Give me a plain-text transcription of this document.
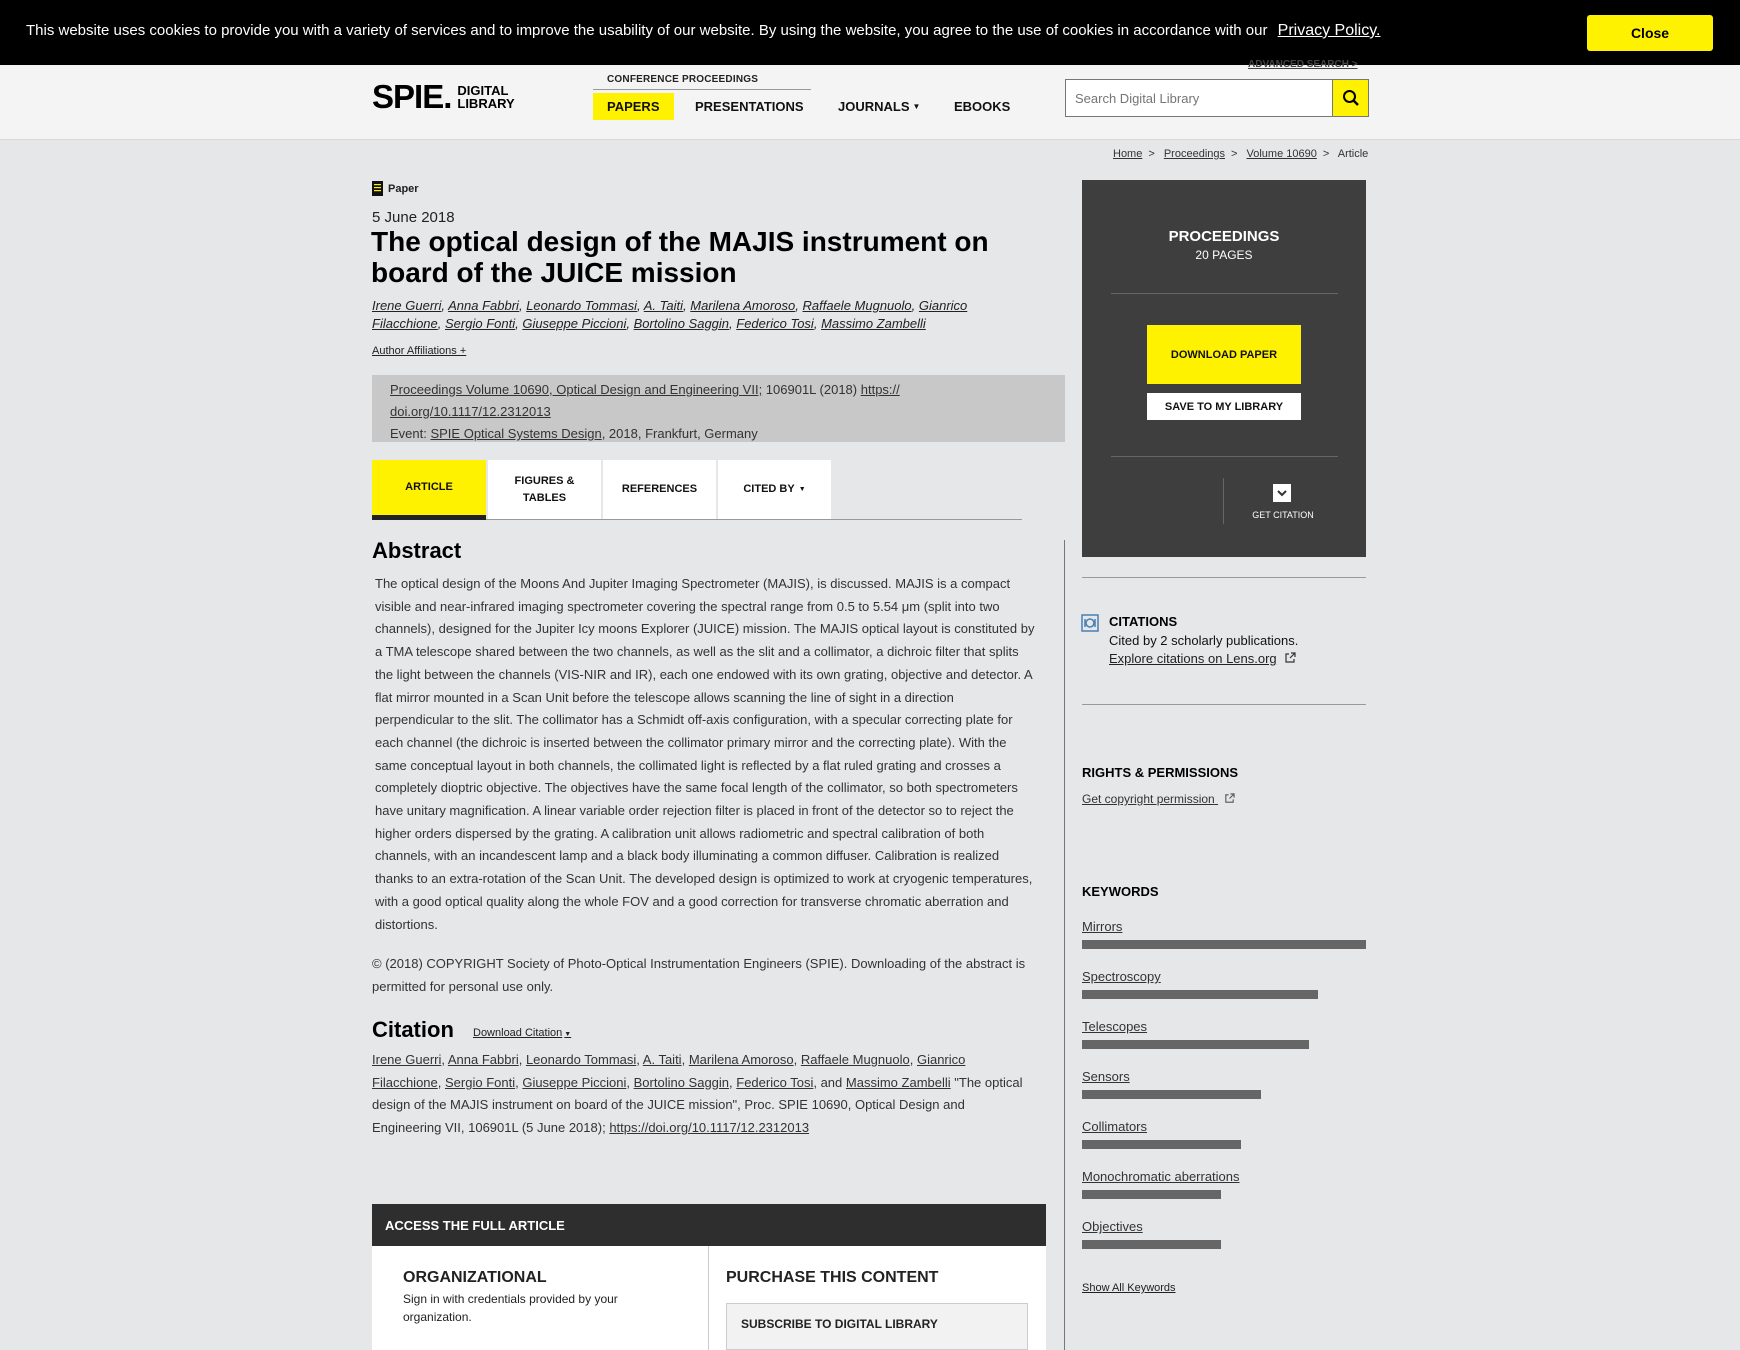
This website uses cookies to provide you with a variety of services and to improve the usability of our website. By using the website, you agree to the use of cookies in accordance with our Privacy Policy.	Close
SPIE. DIGITAL
LIBRARY
CONFERENCE PROCEEDINGS
PAPERS	PRESENTATIONS	JOURNALS ▼	EBOOKS
ADVANCED SEARCH >
Search Digital Library
Home > Proceedings > Volume 10690 > Article
Paper
5 June 2018
The optical design of the MAJIS instrument on board of the JUICE mission
Irene Guerri, Anna Fabbri, Leonardo Tommasi, A. Taiti, Marilena Amoroso, Raffaele Mugnuolo, Gianrico Filacchione, Sergio Fonti, Giuseppe Piccioni, Bortolino Saggin, Federico Tosi, Massimo Zambelli
Author Affiliations +
Proceedings Volume 10690, Optical Design and Engineering VII; 106901L (2018) https://
doi.org/10.1117/12.2312013
Event: SPIE Optical Systems Design, 2018, Frankfurt, Germany
ARTICLE
FIGURES &
TABLES
REFERENCES	CITED BY ▼
Abstract
The optical design of the Moons And Jupiter Imaging Spectrometer (MAJIS), is discussed. MAJIS is a compact visible and near-infrared imaging spectrometer covering the spectral range from 0.5 to 5.54 μm (split into two channels), designed for the Jupiter Icy moons Explorer (JUICE) mission. The MAJIS optical layout is constituted by a TMA telescope shared between the two channels, as well as the slit and a collimator, a dichroic filter that splits the light between the channels (VIS-NIR and IR), each one endowed with its own grating, objective and detector. A flat mirror mounted in a Scan Unit before the telescope allows scanning the line of sight in a direction perpendicular to the slit. The collimator has a Schmidt off-axis configuration, with a specular correcting plate for each channel (the dichroic is inserted between the collimator primary mirror and the correcting plate). With the same conceptual layout in both channels, the collimated light is reflected by a flat ruled grating and crosses a completely dioptric objective. The objectives have the same focal length of the collimator, so both spectrometers have unitary magnification. A linear variable order rejection filter is placed in front of the detector so to reject the higher orders dispersed by the grating. A calibration unit allows radiometric and spectral calibration of both channels, with an incandescent lamp and a black body illuminating a common diffuser. Calibration is realized thanks to an extra-rotation of the Scan Unit. The developed design is optimized to work at cryogenic temperatures, with a good optical quality along the whole FOV and a good correction for transverse chromatic aberration and distortions.
© (2018) COPYRIGHT Society of Photo-Optical Instrumentation Engineers (SPIE). Downloading of the abstract is permitted for personal use only.
Citation Download Citation ▼
Irene Guerri, Anna Fabbri, Leonardo Tommasi, A. Taiti, Marilena Amoroso, Raffaele Mugnuolo, Gianrico Filacchione, Sergio Fonti, Giuseppe Piccioni, Bortolino Saggin, Federico Tosi, and Massimo Zambelli "The optical design of the MAJIS instrument on board of the JUICE mission", Proc. SPIE 10690, Optical Design and Engineering VII, 106901L (5 June 2018); https://doi.org/10.1117/12.2312013
ACCESS THE FULL ARTICLE
ORGANIZATIONAL
Sign in with credentials provided by your organization.
PURCHASE THIS CONTENT
SUBSCRIBE TO DIGITAL LIBRARY
PROCEEDINGS
20 PAGES
DOWNLOAD PAPER
SAVE TO MY LIBRARY
GET CITATION
CITATIONS
Cited by 2 scholarly publications.
Explore citations on Lens.org
RIGHTS & PERMISSIONS
Get copyright permission
KEYWORDS
Mirrors
Spectroscopy
Telescopes
Sensors
Collimators
Monochromatic aberrations
Objectives
Show All Keywords
